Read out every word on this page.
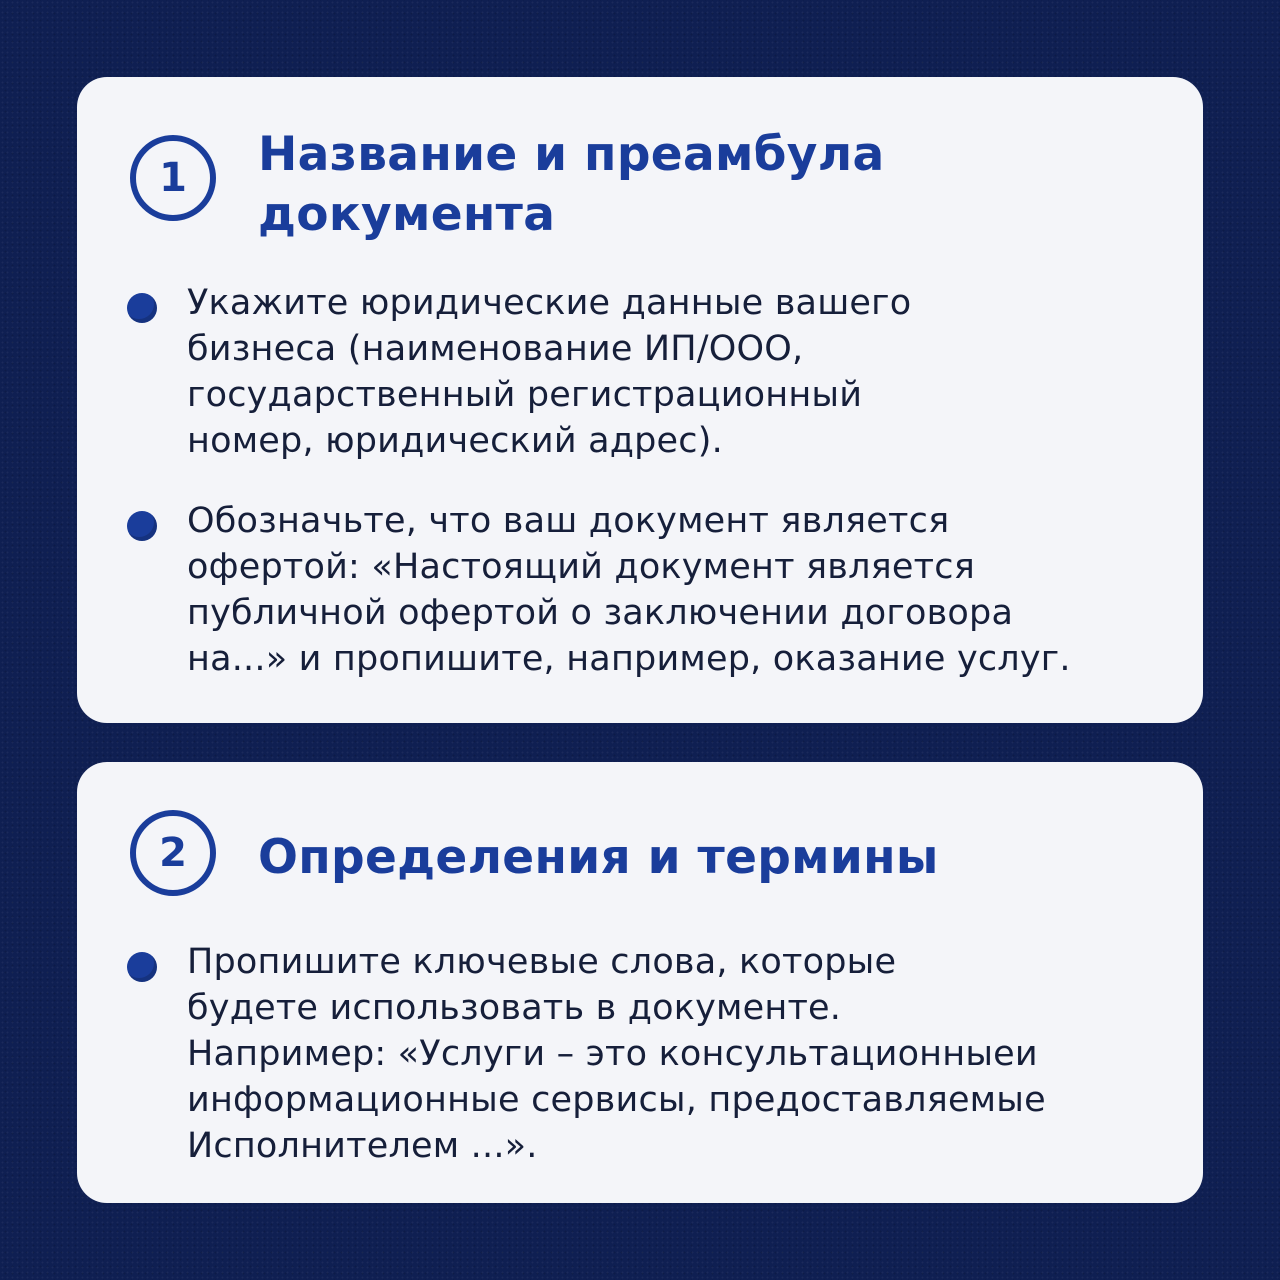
1 Название и преамбула
документа

Укажите юридические данные вашего
бизнеса (наименование ИП/ООО,
государственный регистрационный
номер, юридический адрес).

Обозначьте, что ваш документ является
офертой: «Настоящий документ является
публичной офертой о заключении договора
на...» и пропишите, например, оказание услуг.

2 Определения и термины

Пропишите ключевые слова, которые
будете использовать в документе.
Например: «Услуги – это консультационныеи
информационные сервисы, предоставляемые
Исполнителем ...».
